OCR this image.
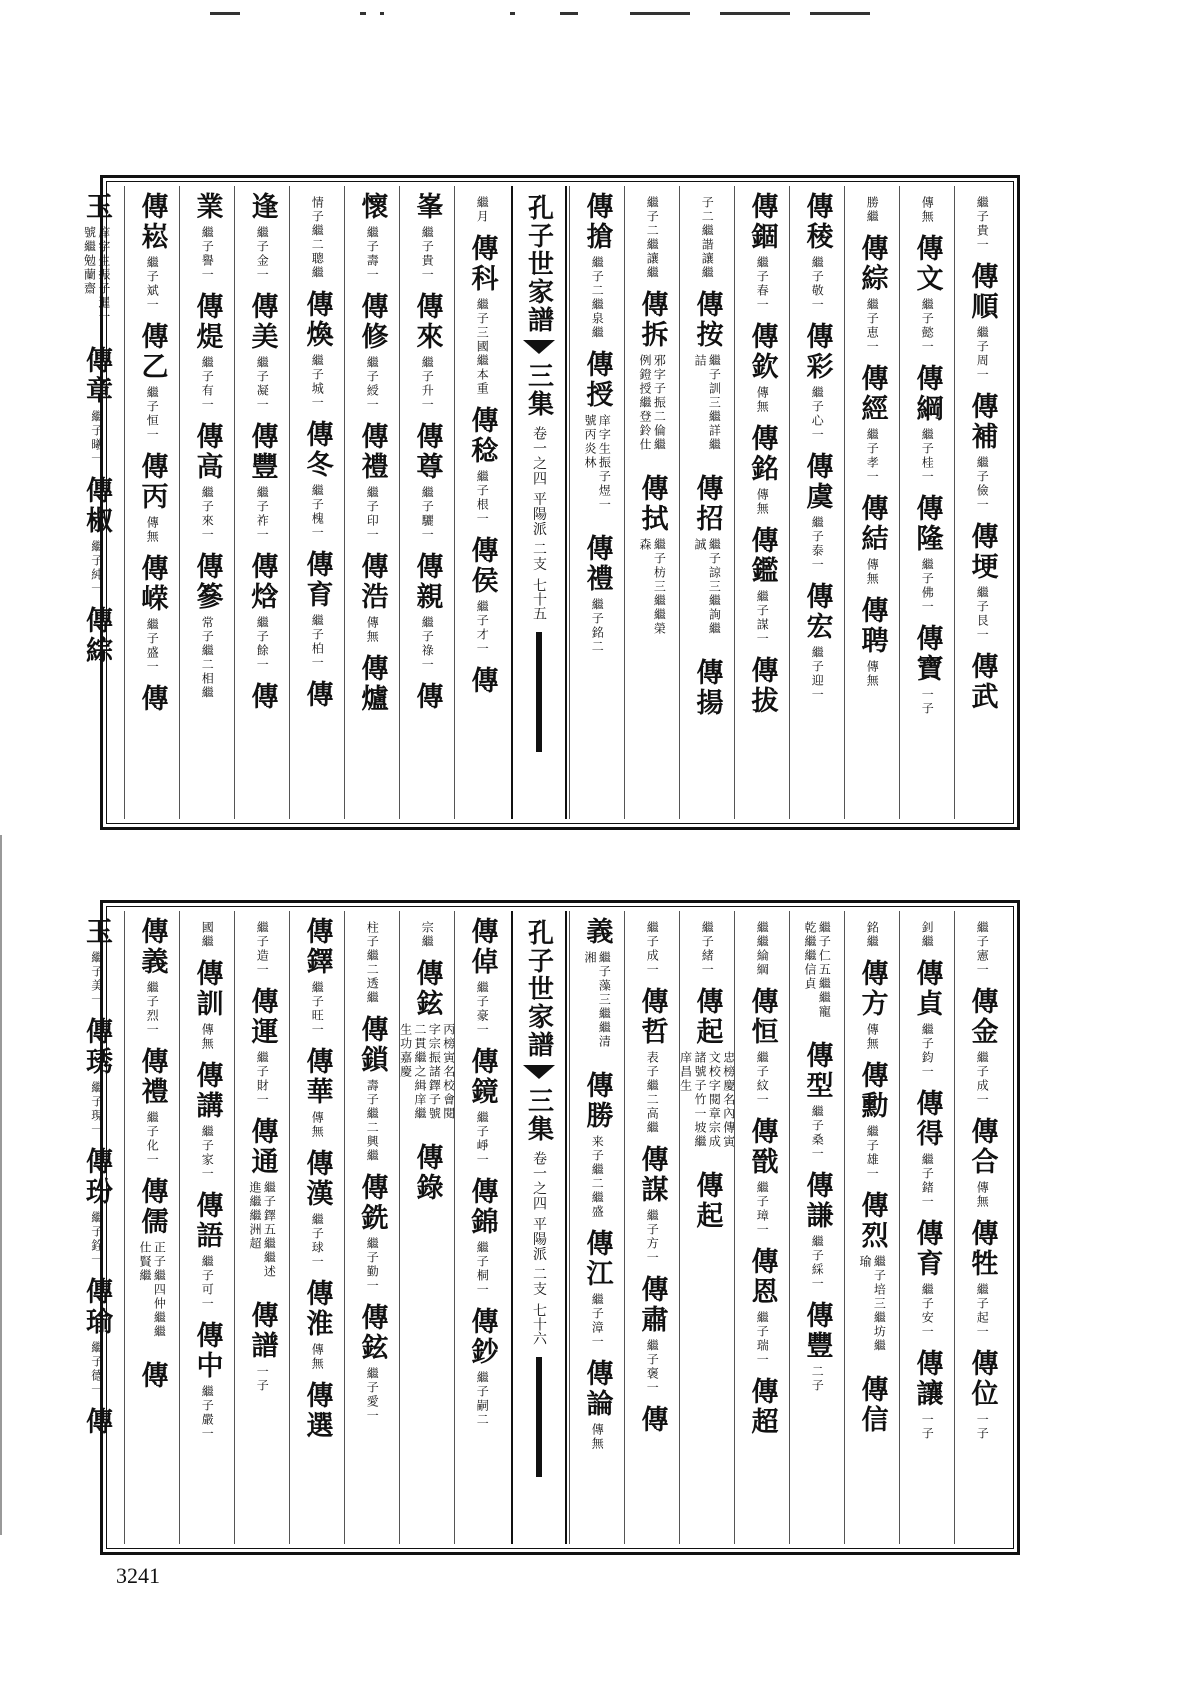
繼子貴一
傳順
繼子周一
傳補
繼子儉一
傳埂
繼子艮一
傳武
傳無
傳文
繼子懿一
傳綱
繼子桂一
傳隆
繼子佛一
傳寶
一子
勝繼
傳綜
繼子恵一
傳經
繼子孝一
傳結
傳無
傳聘
傳無
傳稜
繼子敬一
傳彩
繼子心一
傳虞
繼子泰一
傳宏
繼子迎一
傳錮
繼子春一
傳欽
傳無
傳銘
傳無
傳鑑
繼子謀一
傳拔
子二繼諧讓繼
傳按
繼子訓三繼詳繼詰
傳招
繼子諒三繼詢繼誠
傳揚
繼子二繼讓繼
傳拆
邪字子振二倫繼例鐙授繼登鈴仕
傳拭
繼子枋三繼繼榮森
傳搶
繼子二繼泉繼
傳授
庠字生振子煜一號丙炎林
傳禮
繼子銘二
孔子世家譜
三集
卷一之四 平陽派 二支
七十五
繼月
傳科
繼子三國繼本重
傳稔
繼子根一
傳侯
繼子才一
傳
峯
繼子貴一
傳來
繼子升一
傳尊
繼子驪一
傳親
繼子祿一
傳
懷
繼子壽一
傳修
繼子綬一
傳禮
繼子印一
傳浩
傳無
傳爐
情子繼二聰繼
傳煥
繼子城一
傳冬
繼子槐一
傳育
繼子柏一
傳
逢
繼子金一
傳美
繼子凝一
傳豐
繼子祚一
傳焓
繼子餘一
傳
業
繼子譽一
傳煶
繼子有一
傳高
繼子來一
傳篸
常子繼二相繼
傳崧
繼子斌一
傳乙
繼子恒一
傳丙
傳無
傳嵘
繼子盛一
傳
玉
庠字生振子暹一號繼勉蘭齋
傳章
繼子曦一
傳椒
繼子純一
傳綜
繼子憲一
傳金
繼子成一
傳合
傳無
傳牲
繼子起一
傳位
一子
釗繼
傳貞
繼子鈞一
傳得
繼子鍺一
傳育
繼子安一
傳讓
一子
銘繼
傳方
傳無
傳勳
繼子雄一
傳烈
繼子培三繼坊繼瑜
傳信
繼子仁五繼繼寵乾繼繼信貞
傳型
繼子桑一
傳謙
繼子綵一
傳豐
二子
繼繼綸綱
傳恒
繼子紋一
傳戩
繼子璋一
傳恩
繼子瑞一
傳超
繼子緒一
傳起
忠榜慶名內傳寅文校字閱章宗成諸號子竹一坡繼庠昌生
傳起
繼子成一
傳哲
表子繼二高繼
傳謀
繼子方一
傳肅
繼子褒一
傳
義
繼子藻三繼繼清湘
傳勝
来子繼二繼盛
傳江
繼子漳一
傳論
傳無
孔子世家譜
三集
卷一之四 平陽派 二支
七十六
傳倬
繼子豪一
傳鏡
繼子崢一
傳錦
繼子桐一
傳鈔
繼子嗣二
宗繼
傳鉉
丙榜寅名校會閱字宗振諸鐸子號二貫繼之緝庠繼生功嘉慶
傳錄
柱子繼二透繼
傳鎖
壽子繼二興繼
傳銑
繼子勤一
傳鉉
繼子愛一
傳鐸
繼子旺一
傳華
傳無
傳漢
繼子球一
傳淮
傳無
傳選
繼子造一
傳運
繼子財一
傳通
繼子鐸五繼繼述進繼繼洲超
傳譜
一子
國繼
傳訓
傳無
傳講
繼子家一
傳語
繼子可一
傳中
繼子嚴一
傳義
繼子烈一
傳禮
繼子化一
傳儒
正子繼四仲繼繼仕賢繼
傳
玉
繼子美一
傳琇
繼子現一
傳玢
繼子銓一
傳瑜
繼子德一
傳
3241
